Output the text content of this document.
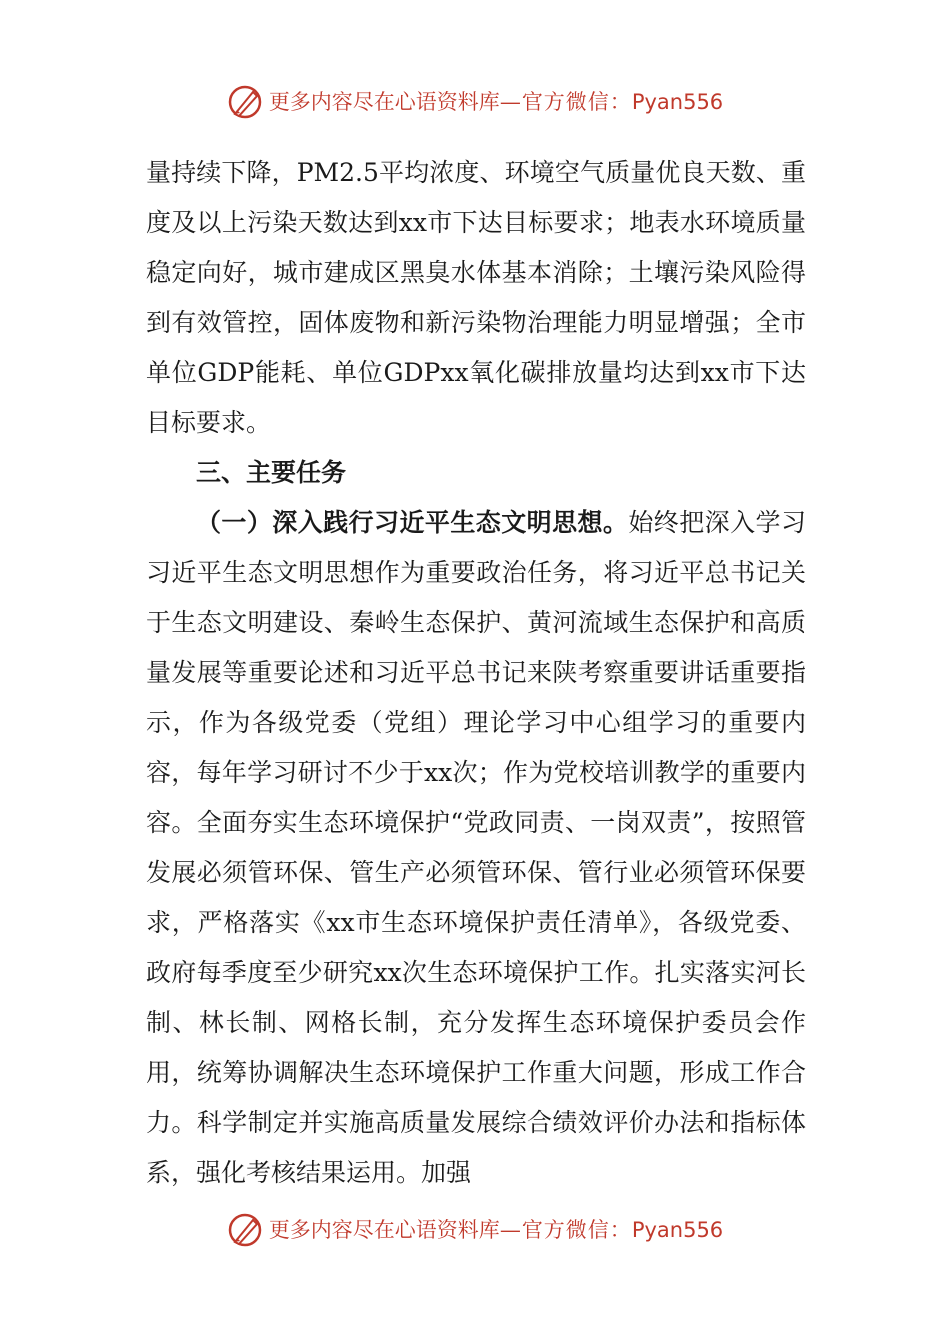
更多内容尽在心语资料库 — 官方微信： Pyan556

量持续下降，PM2.5平均浓度、环境空气质量优良天数、重度及以上污染天数达到xx市下达目标要求；地表水环境质量稳定向好，城市建成区黑臭水体基本消除；土壤污染风险得到有效管控，固体废物和新污染物治理能力明显增强；全市单位GDP能耗、单位GDPxx氧化碳排放量均达到xx市下达目标要求。

三、主要任务

（一）深入践行习近平生态文明思想。始终把深入学习习近平生态文明思想作为重要政治任务，将习近平总书记关于生态文明建设、秦岭生态保护、黄河流域生态保护和高质量发展等重要论述和习近平总书记来陕考察重要讲话重要指示，作为各级党委（党组）理论学习中心组学习的重要内容，每年学习研讨不少于xx次；作为党校培训教学的重要内容。全面夯实生态环境保护“党政同责、一岗双责”，按照管发展必须管环保、管生产必须管环保、管行业必须管环保要求，严格落实《xx市生态环境保护责任清单》，各级党委、政府每季度至少研究xx次生态环境保护工作。扎实落实河长制、林长制、网格长制，充分发挥生态环境保护委员会作用，统筹协调解决生态环境保护工作重大问题，形成工作合力。科学制定并实施高质量发展综合绩效评价办法和指标体系，强化考核结果运用。加强

更多内容尽在心语资料库 — 官方微信： Pyan556
